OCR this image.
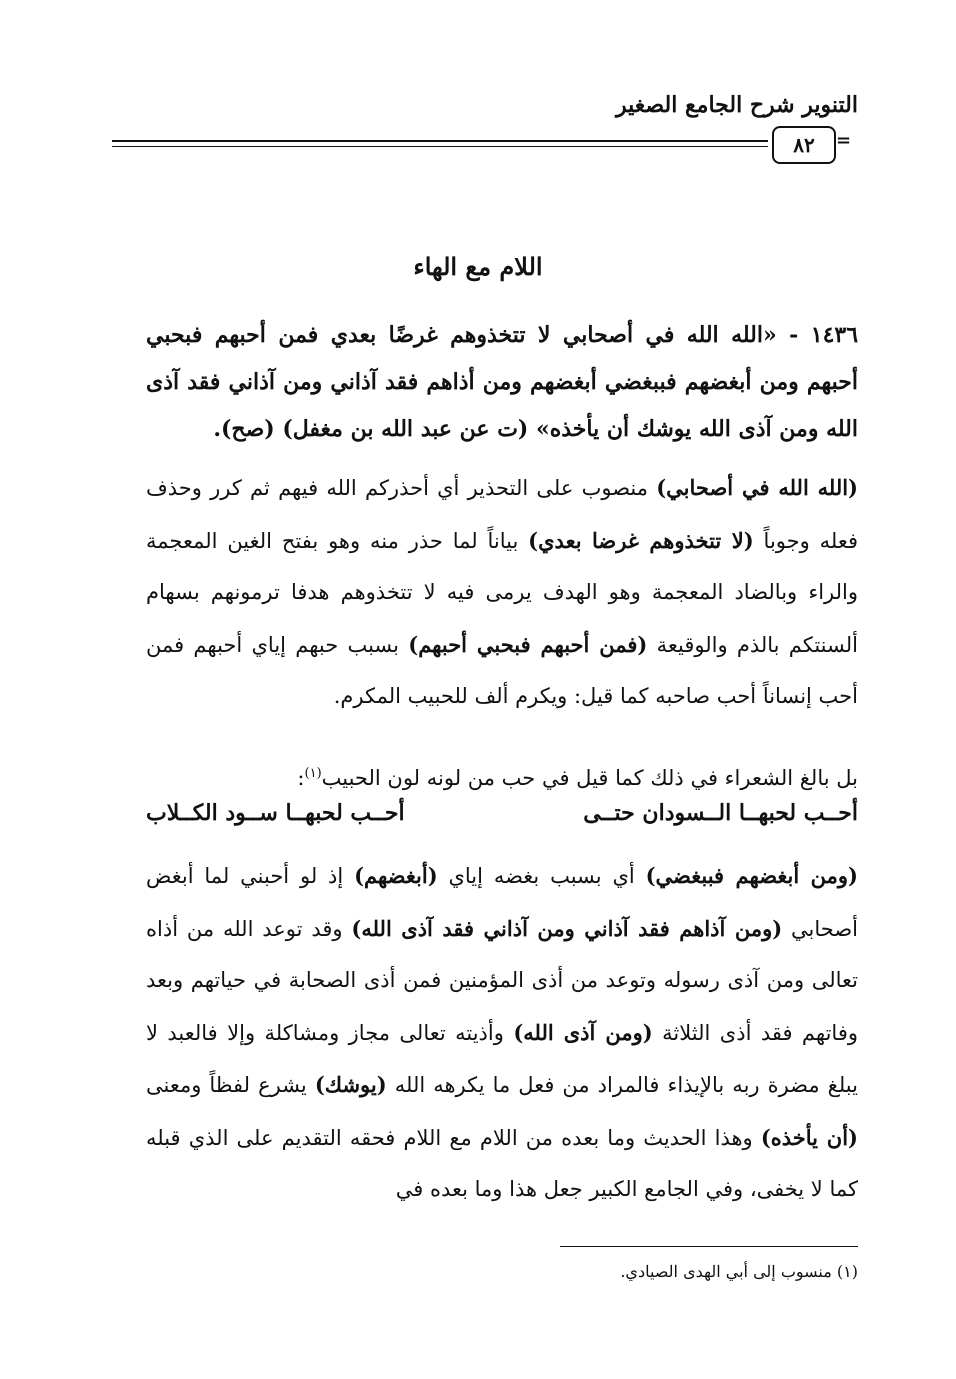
التنوير شرح الجامع الصغير
٨٢	=
اللام مع الهاء

١٤٣٦ - «الله الله في أصحابي لا تتخذوهم غرضًا بعدي فمن أحبهم فبحبي أحبهم ومن أبغضهم فببغضي أبغضهم ومن أذاهم فقد آذاني ومن آذاني فقد آذى الله ومن آذى الله يوشك أن يأخذه» (ت عن عبد الله بن مغفل) (صح).

(الله الله في أصحابي) منصوب على التحذير أي أحذركم الله فيهم ثم كرر وحذف فعله وجوباً (لا تتخذوهم غرضا بعدي) بياناً لما حذر منه وهو بفتح الغين المعجمة والراء وبالضاد المعجمة وهو الهدف يرمى فيه لا تتخذوهم هدفا ترمونهم بسهام ألسنتكم بالذم والوقيعة (فمن أحبهم فبحبي أحبهم) بسبب حبهم إياي أحبهم فمن أحب إنساناً أحب صاحبه كما قيل: ويكرم ألف للحبيب المكرم.

بل بالغ الشعراء في ذلك كما قيل في حب من لونه لون الحبيب$^{(١)}$:

أحــب لحبهــا الــسودان حتــى
أحــب لحبهــا ســود الكــلاب

(ومن أبغضهم فببغضي) أي بسبب بغضه إياي (أبغضهم) إذ لو أحبني لما أبغض أصحابي (ومن آذاهم فقد آذاني ومن آذاني فقد آذى الله) وقد توعد الله من أذاه تعالى ومن آذى رسوله وتوعد من أذى المؤمنين فمن أذى الصحابة في حياتهم وبعد وفاتهم فقد أذى الثلاثة (ومن آذى الله) وأذيته تعالى مجاز ومشاكلة وإلا فالعبد لا يبلغ مضرة ربه بالإيذاء فالمراد من فعل ما يكرهه الله (يوشك) يشرع لفظاً ومعنى (أن يأخذه) وهذا الحديث وما بعده من اللام مع اللام فحقه التقديم على الذي قبله كما لا يخفى، وفي الجامع الكبير جعل هذا وما بعده في

(١) منسوب إلى أبي الهدى الصيادي.
